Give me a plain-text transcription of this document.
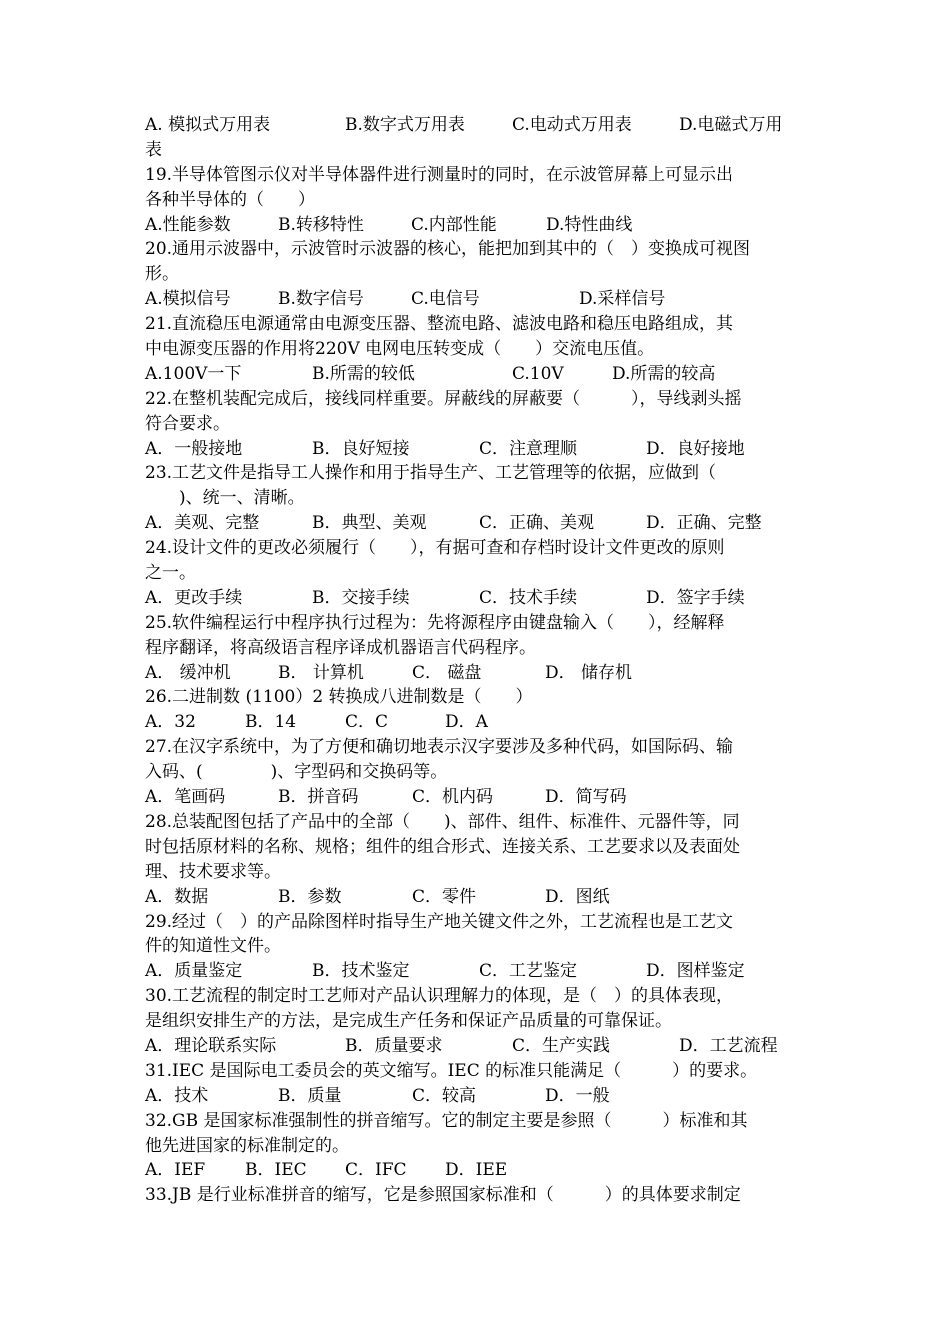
A. 模拟式万用表	B.数字式万用表	C.电动式万用表	D.电磁式万用
表
19.半导体管图示仪对半导体器件进行测量时的同时，在示波管屏幕上可显示出
各种半导体的（　　）
A.性能参数	B.转移特性	C.内部性能	D.特性曲线
20.通用示波器中，示波管时示波器的核心，能把加到其中的（　）变换成可视图
形。
A.模拟信号	B.数字信号	C.电信号	D.采样信号
21.直流稳压电源通常由电源变压器、整流电路、滤波电路和稳压电路组成，其
中电源变压器的作用将220V 电网电压转变成（　　）交流电压值。
A.100V一下	B.所需的较低	C.10V	D.所需的较高
22.在整机装配完成后，接线同样重要。屏蔽线的屏蔽要（　　　），导线剥头摇
符合要求。
A．一般接地	B．良好短接	C．注意理顺	D．良好接地
23.工艺文件是指导工人操作和用于指导生产、工艺管理等的依据，应做到（
　　)、统一、清晰。
A．美观、完整	B．典型、美观	C．正确、美观	D．正确、完整
24.设计文件的更改必须履行（　　），有据可查和存档时设计文件更改的原则
之一。
A．更改手续	B．交接手续	C．技术手续	D．签字手续
25.软件编程运行中程序执行过程为：先将源程序由键盘输入（　　），经解释
程序翻译，将高级语言程序译成机器语言代码程序。
A． 缓冲机	B． 计算机	C． 磁盘	D． 储存机
26.二进制数 (1100）2 转换成八进制数是（　　）
A．32	B．14	C．C	D．A
27.在汉字系统中，为了方便和确切地表示汉字要涉及多种代码，如国际码、输
入码、(　　　　)、字型码和交换码等。
A．笔画码	B．拼音码	C．机内码	D．简写码
28.总装配图包括了产品中的全部（　　)、部件、组件、标准件、元器件等，同
时包括原材料的名称、规格；组件的组合形式、连接关系、工艺要求以及表面处
理、技术要求等。
A．数据	B．参数	C．零件	D．图纸
29.经过（　）的产品除图样时指导生产地关键文件之外，工艺流程也是工艺文
件的知道性文件。
A．质量鉴定	B．技术鉴定	C．工艺鉴定	D．图样鉴定
30.工艺流程的制定时工艺师对产品认识理解力的体现，是（　）的具体表现，
是组织安排生产的方法，是完成生产任务和保证产品质量的可靠保证。
A．理论联系实际	B．质量要求	C．生产实践	D．工艺流程
31.IEC 是国际电工委员会的英文缩写。IEC 的标准只能满足（　　　）的要求。
A．技术	B．质量	C．较高	D．一般
32.GB 是国家标准强制性的拼音缩写。它的制定主要是参照（　　　）标准和其
他先进国家的标准制定的。
A．IEF	B．IEC	C．IFC	D．IEE
33.JB 是行业标准拼音的缩写，它是参照国家标准和（　　　）的具体要求制定
